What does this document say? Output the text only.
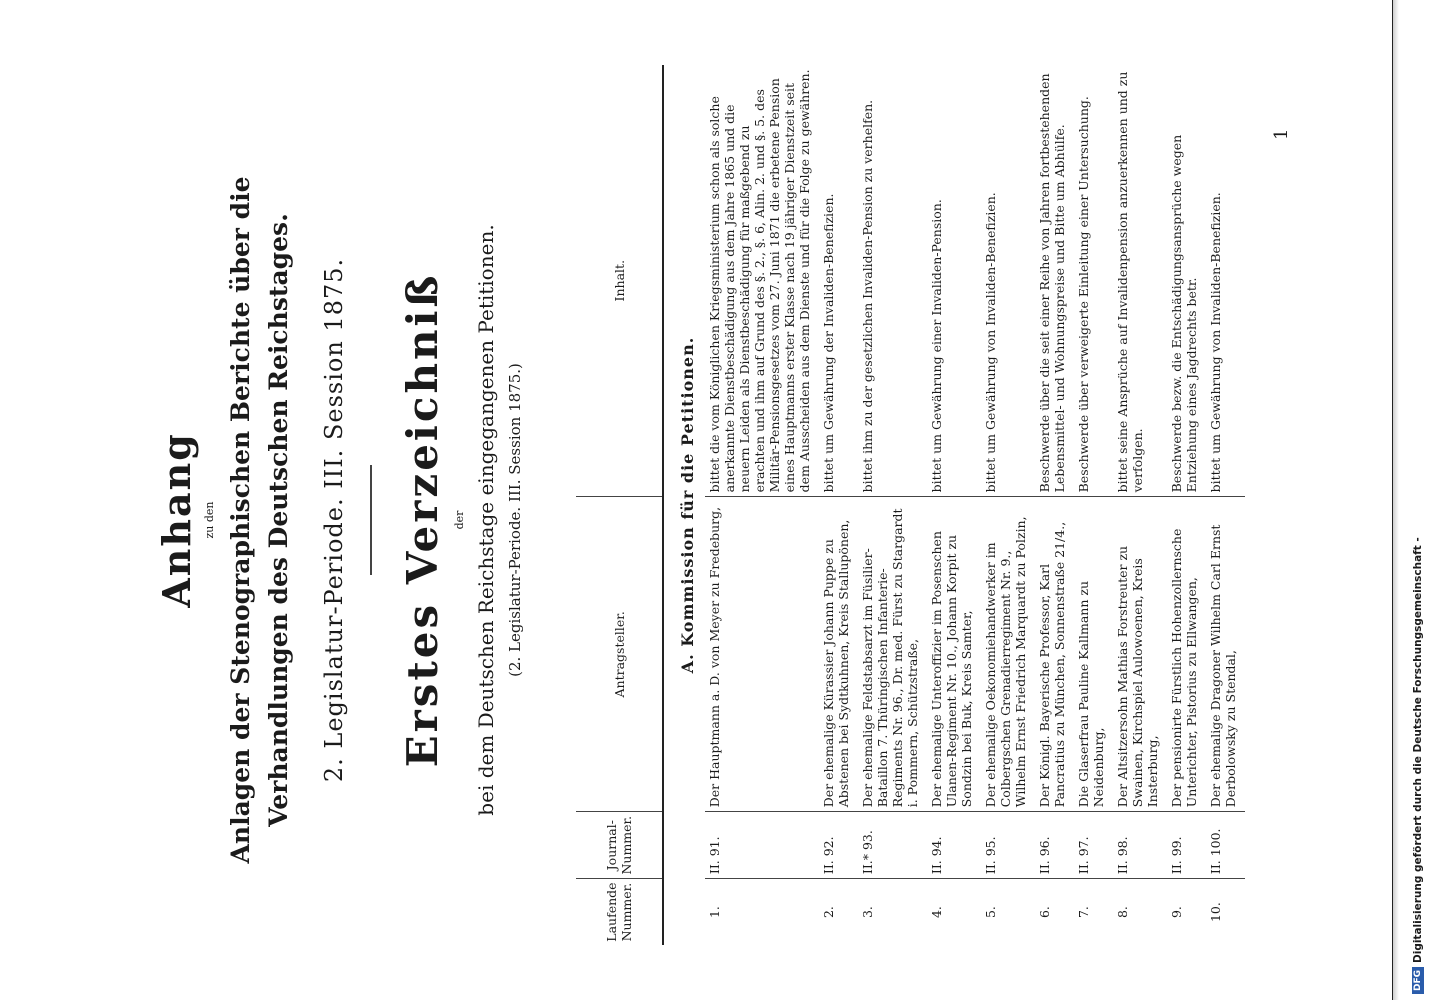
DFG
Digitalisierung gefördert durch die Deutsche Forschungsgemeinschaft -
Anhang zu den Anlagen der Stenographischen Berichte über die Verhandlungen des Deutschen Reichstages. 2. Legislatur-Periode. III. Session 1875. Erstes Verzeichniß der bei dem Deutschen Reichstage eingegangenen Petitionen. (2. Legislatur-Periode. III. Session 1875.)
Laufende Nummer.	Journal-Nummer.	Antragsteller.	Inhalt.
A. Kommission für die Petitionen.			
1.	II. 91.	Der Hauptmann a. D. von Meyer zu Fredeburg,	bittet die vom Königlichen Kriegsministerium schon als solche anerkannte Dienstbeschädigung aus dem Jahre 1865 und die neuern Leiden als Dienstbeschädigung für maßgebend zu erachten und ihm auf Grund des §. 2., §. 6, Alin. 2. und §. 5. des Militär-Pensionsgesetzes vom 27. Juni 1871 die erbetene Pension eines Hauptmanns erster Klasse nach 19 jähriger Dienstzeit seit dem Ausscheiden aus dem Dienste und für die Folge zu gewähren.
2.	II. 92.	Der ehemalige Kürassier Johann Puppe zu Abstenen bei Sydtkuhnen, Kreis Stallupönen,	bittet um Gewährung der Invaliden-Benefizien.
3.	II.* 93.	Der ehemalige Feldstabsarzt im Füsilier-Bataillon 7. Thüringischen Infanterie-Regiments Nr. 96., Dr. med. Fürst zu Stargardt i. Pommern, Schützstraße,	bittet ihm zu der gesetzlichen Invaliden-Pension zu verhelfen.
4.	II. 94.	Der ehemalige Unteroffizier im Posenschen Ulanen-Regiment Nr. 10., Johann Korpit zu Sondzin bei Buk, Kreis Samter,	bittet um Gewährung einer Invaliden-Pension.
5.	II. 95.	Der ehemalige Oekonomiehandwerker im Colbergschen Grenadierregiment Nr. 9., Wilhelm Ernst Friedrich Marquardt zu Polzin,	bittet um Gewährung von Invaliden-Benefizien.
6.	II. 96.	Der Königl. Bayerische Professor, Karl Pancratius zu München, Sonnenstraße 21/4.,	Beschwerde über die seit einer Reihe von Jahren fortbestehenden Lebensmittel- und Wohnungspreise und Bitte um Abhülfe.
7.	II. 97.	Die Glaserfrau Pauline Kallmann zu Neidenburg,	Beschwerde über verweigerte Einleitung einer Untersuchung.
8.	II. 98.	Der Altsitzersohn Mathias Forstreuter zu Swainen, Kirchspiel Aulowoenen, Kreis Insterburg,	bittet seine Ansprüche auf Invalidenpension anzuerkennen und zu verfolgen.
9.	II. 99.	Der pensionirte Fürstlich Hohenzollernsche Unterichter, Pistorius zu Ellwangen,	Beschwerde bezw. die Entschädigungsansprüche wegen Entziehung eines Jagdrechts betr.
10.	II. 100.	Der ehemalige Dragoner Wilhelm Carl Ernst Derbolowsky zu Stendal,	bittet um Gewährung von Invaliden-Benefizien.
1
